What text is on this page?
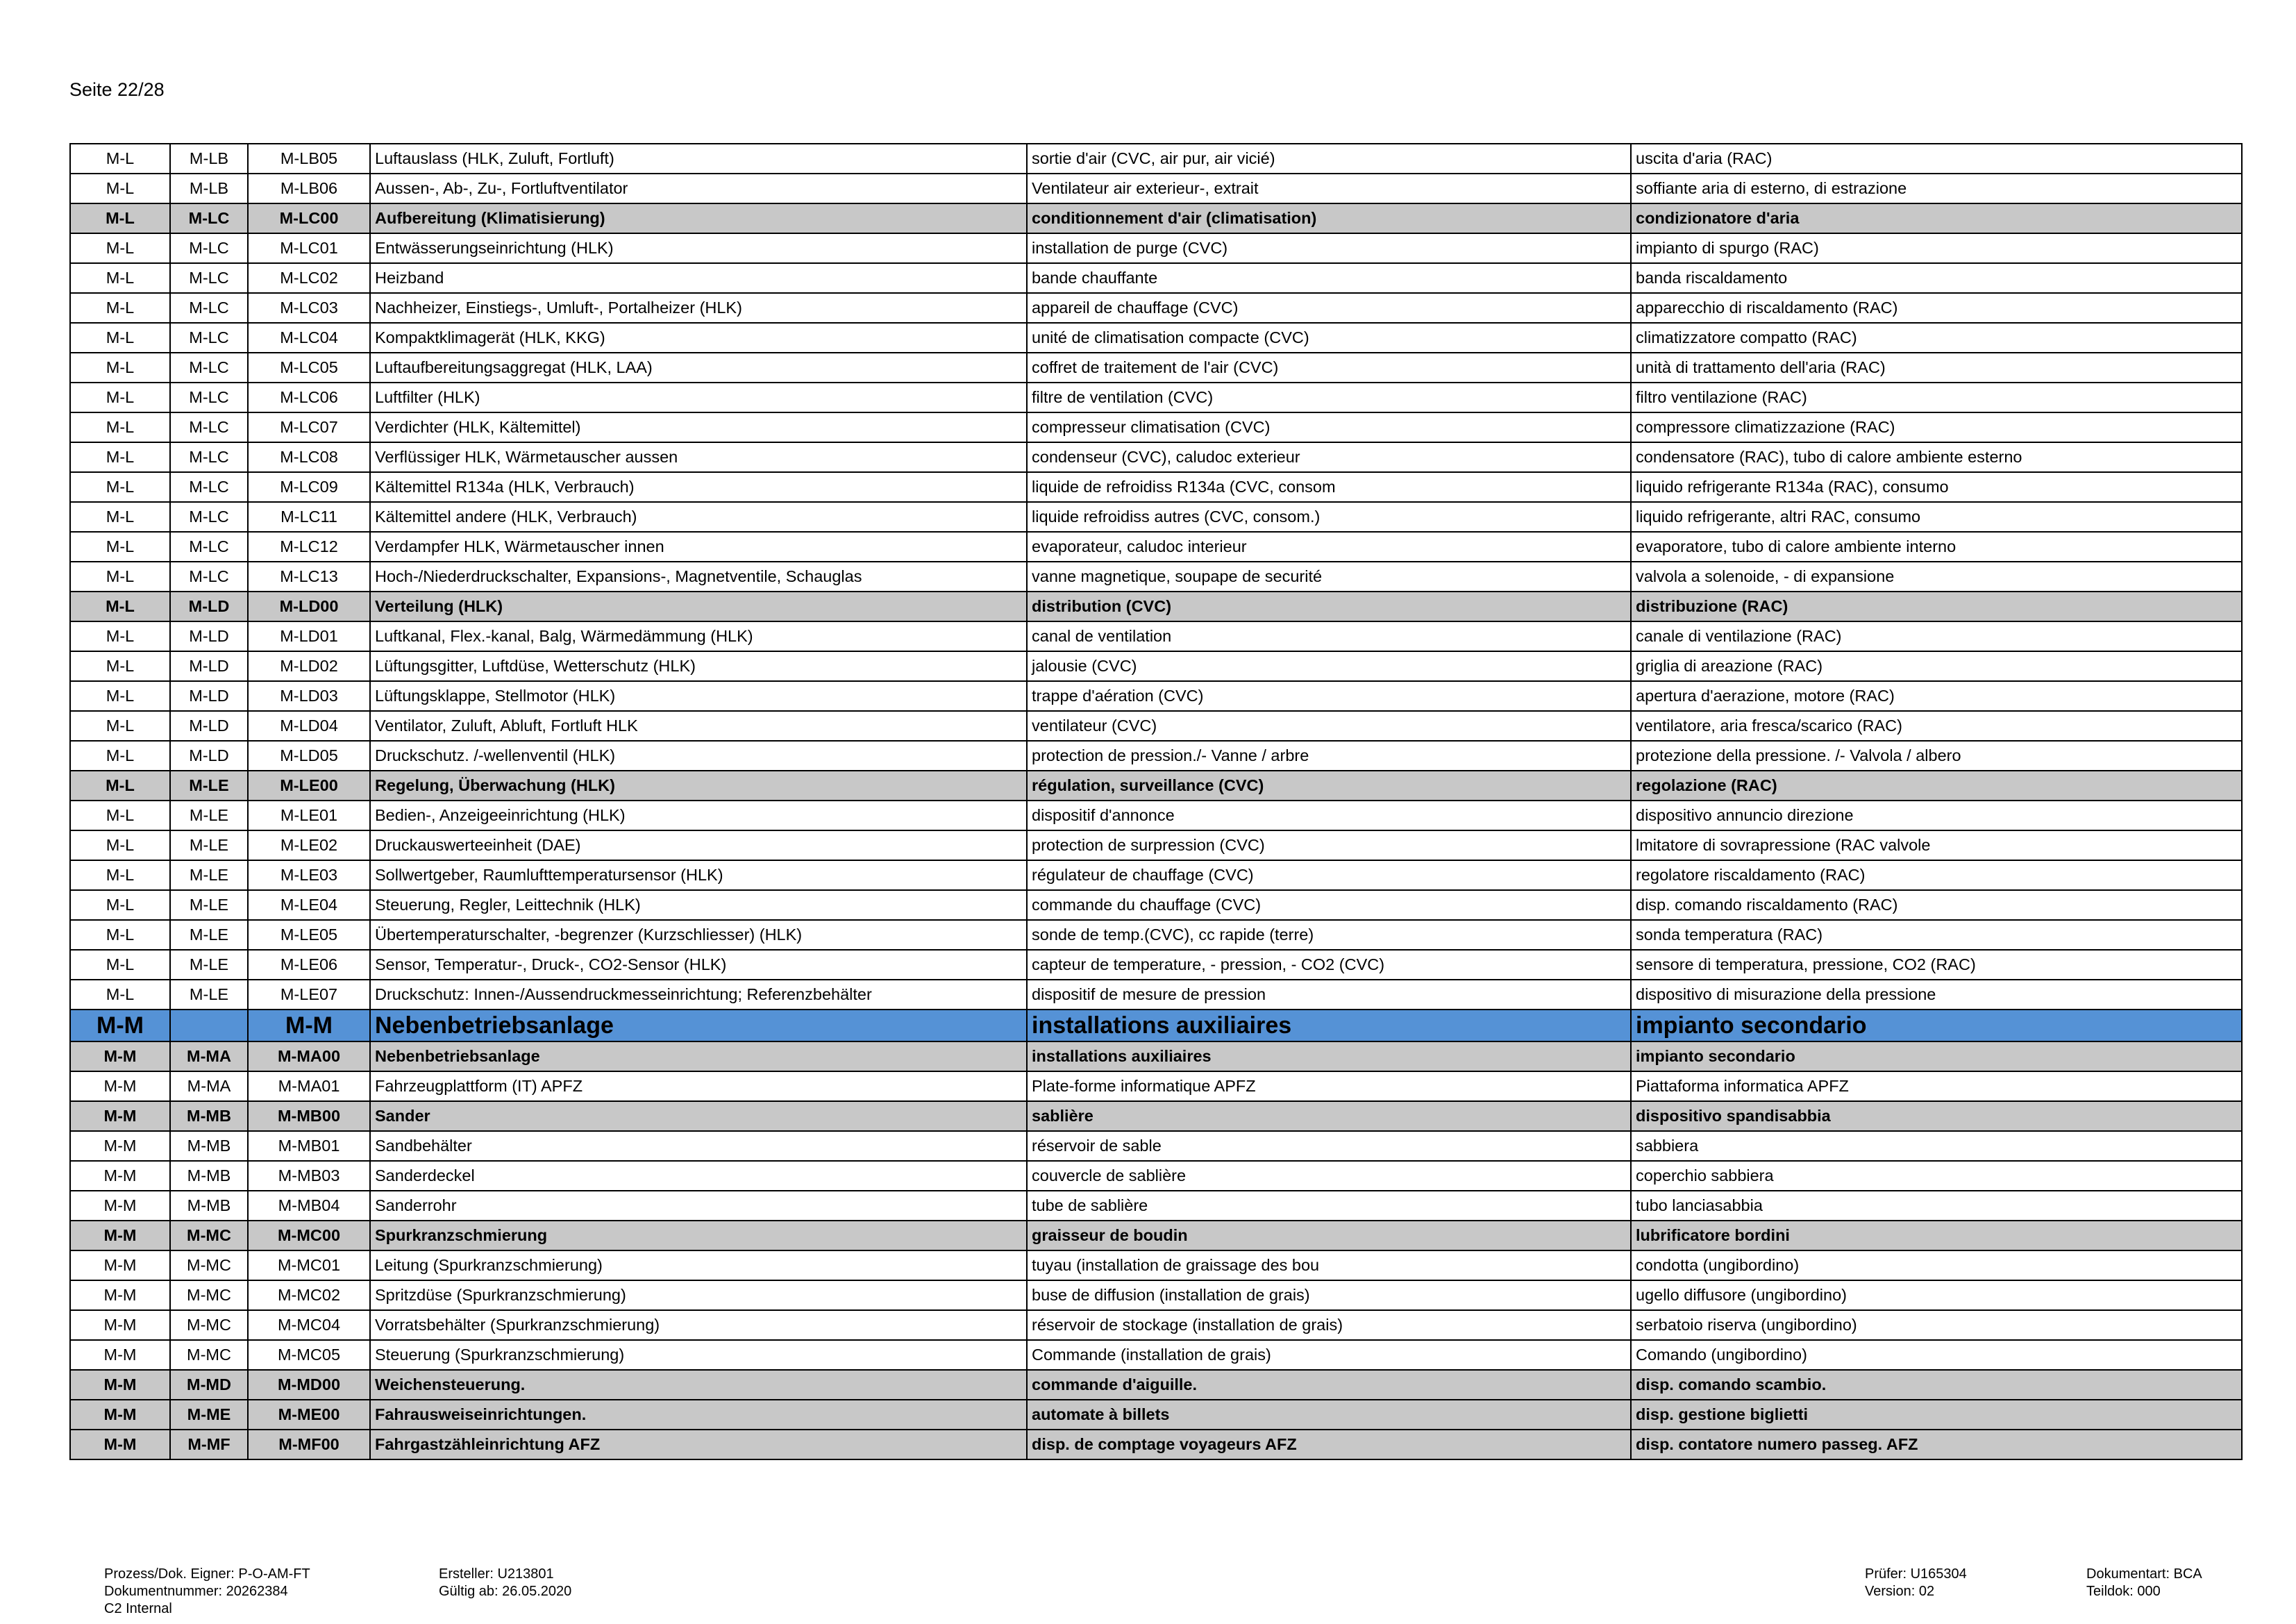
Seite 22/28
M-L	M-LB	M-LB05	Luftauslass (HLK, Zuluft, Fortluft)	sortie d'air (CVC, air pur, air vicié)	uscita d'aria (RAC)
M-L	M-LB	M-LB06	Aussen-, Ab-, Zu-, Fortluftventilator	Ventilateur air exterieur-, extrait	soffiante aria di esterno, di estrazione
M-L	M-LC	M-LC00	Aufbereitung (Klimatisierung)	conditionnement d'air (climatisation)	condizionatore d'aria
M-L	M-LC	M-LC01	Entwässerungseinrichtung (HLK)	installation de purge (CVC)	impianto di spurgo (RAC)
M-L	M-LC	M-LC02	Heizband	bande chauffante	banda riscaldamento
M-L	M-LC	M-LC03	Nachheizer, Einstiegs-, Umluft-, Portalheizer (HLK)	appareil de chauffage (CVC)	apparecchio di riscaldamento (RAC)
M-L	M-LC	M-LC04	Kompaktklimagerät (HLK, KKG)	unité de climatisation compacte (CVC)	climatizzatore compatto (RAC)
M-L	M-LC	M-LC05	Luftaufbereitungsaggregat (HLK, LAA)	coffret de traitement de l'air (CVC)	unità di trattamento dell'aria (RAC)
M-L	M-LC	M-LC06	Luftfilter (HLK)	filtre de ventilation (CVC)	filtro ventilazione (RAC)
M-L	M-LC	M-LC07	Verdichter (HLK, Kältemittel)	compresseur climatisation (CVC)	compressore climatizzazione (RAC)
M-L	M-LC	M-LC08	Verflüssiger HLK, Wärmetauscher aussen	condenseur (CVC), caludoc exterieur	condensatore (RAC), tubo di calore ambiente esterno
M-L	M-LC	M-LC09	Kältemittel R134a (HLK, Verbrauch)	liquide de refroidiss R134a (CVC, consom	liquido refrigerante R134a (RAC), consumo
M-L	M-LC	M-LC11	Kältemittel andere (HLK, Verbrauch)	liquide refroidiss autres (CVC, consom.)	liquido refrigerante, altri RAC, consumo
M-L	M-LC	M-LC12	Verdampfer HLK, Wärmetauscher innen	evaporateur, caludoc interieur	evaporatore, tubo di calore ambiente interno
M-L	M-LC	M-LC13	Hoch-/Niederdruckschalter, Expansions-, Magnetventile, Schauglas	vanne magnetique, soupape de securité	valvola a solenoide, - di expansione
M-L	M-LD	M-LD00	Verteilung (HLK)	distribution (CVC)	distribuzione (RAC)
M-L	M-LD	M-LD01	Luftkanal, Flex.-kanal, Balg, Wärmedämmung (HLK)	canal de ventilation	canale di ventilazione (RAC)
M-L	M-LD	M-LD02	Lüftungsgitter, Luftdüse, Wetterschutz (HLK)	jalousie (CVC)	griglia di areazione (RAC)
M-L	M-LD	M-LD03	Lüftungsklappe, Stellmotor (HLK)	trappe d'aération (CVC)	apertura d'aerazione, motore (RAC)
M-L	M-LD	M-LD04	Ventilator, Zuluft, Abluft, Fortluft HLK	ventilateur (CVC)	ventilatore, aria fresca/scarico (RAC)
M-L	M-LD	M-LD05	Druckschutz. /-wellenventil (HLK)	protection de pression./- Vanne / arbre	protezione della pressione. /- Valvola / albero
M-L	M-LE	M-LE00	Regelung, Überwachung (HLK)	régulation, surveillance (CVC)	regolazione (RAC)
M-L	M-LE	M-LE01	Bedien-, Anzeigeeinrichtung (HLK)	dispositif d'annonce	dispositivo annuncio direzione
M-L	M-LE	M-LE02	Druckauswerteeinheit (DAE)	protection de surpression (CVC)	lmitatore di sovrapressione (RAC valvole
M-L	M-LE	M-LE03	Sollwertgeber, Raumlufttemperatursensor (HLK)	régulateur de chauffage (CVC)	regolatore riscaldamento (RAC)
M-L	M-LE	M-LE04	Steuerung, Regler, Leittechnik (HLK)	commande du chauffage (CVC)	disp. comando riscaldamento (RAC)
M-L	M-LE	M-LE05	Übertemperaturschalter, -begrenzer (Kurzschliesser) (HLK)	sonde de temp.(CVC), cc rapide (terre)	sonda temperatura (RAC)
M-L	M-LE	M-LE06	Sensor, Temperatur-, Druck-, CO2-Sensor (HLK)	capteur de temperature, - pression, - CO2 (CVC)	sensore di temperatura, pressione, CO2 (RAC)
M-L	M-LE	M-LE07	Druckschutz: Innen-/Aussendruckmesseinrichtung; Referenzbehälter	dispositif de mesure de pression	dispositivo di misurazione della pressione
M-M		M-M	Nebenbetriebsanlage	installations auxiliaires	impianto secondario
M-M	M-MA	M-MA00	Nebenbetriebsanlage	installations auxiliaires	impianto secondario
M-M	M-MA	M-MA01	Fahrzeugplattform (IT) APFZ	Plate-forme informatique APFZ	Piattaforma informatica APFZ
M-M	M-MB	M-MB00	Sander	sablière	dispositivo spandisabbia
M-M	M-MB	M-MB01	Sandbehälter	réservoir de sable	sabbiera
M-M	M-MB	M-MB03	Sanderdeckel	couvercle de sablière	coperchio sabbiera
M-M	M-MB	M-MB04	Sanderrohr	tube de sablière	tubo lanciasabbia
M-M	M-MC	M-MC00	Spurkranzschmierung	graisseur de boudin	lubrificatore bordini
M-M	M-MC	M-MC01	Leitung (Spurkranzschmierung)	tuyau (installation de graissage des bou	condotta (ungibordino)
M-M	M-MC	M-MC02	Spritzdüse (Spurkranzschmierung)	buse de diffusion (installation de grais)	ugello diffusore (ungibordino)
M-M	M-MC	M-MC04	Vorratsbehälter (Spurkranzschmierung)	réservoir de stockage (installation de grais)	serbatoio riserva (ungibordino)
M-M	M-MC	M-MC05	Steuerung (Spurkranzschmierung)	Commande (installation de grais)	Comando (ungibordino)
M-M	M-MD	M-MD00	Weichensteuerung.	commande d'aiguille.	disp. comando scambio.
M-M	M-ME	M-ME00	Fahrausweiseinrichtungen.	automate à billets	disp. gestione biglietti
M-M	M-MF	M-MF00	Fahrgastzähleinrichtung AFZ	disp. de comptage voyageurs AFZ	disp. contatore numero passeg. AFZ
Prozess/Dok. Eigner: P-O-AM-FT
Dokumentnummer: 20262384
C2 Internal
Ersteller: U213801
Gültig ab: 26.05.2020
Prüfer: U165304
Version: 02
Dokumentart: BCA
Teildok: 000
